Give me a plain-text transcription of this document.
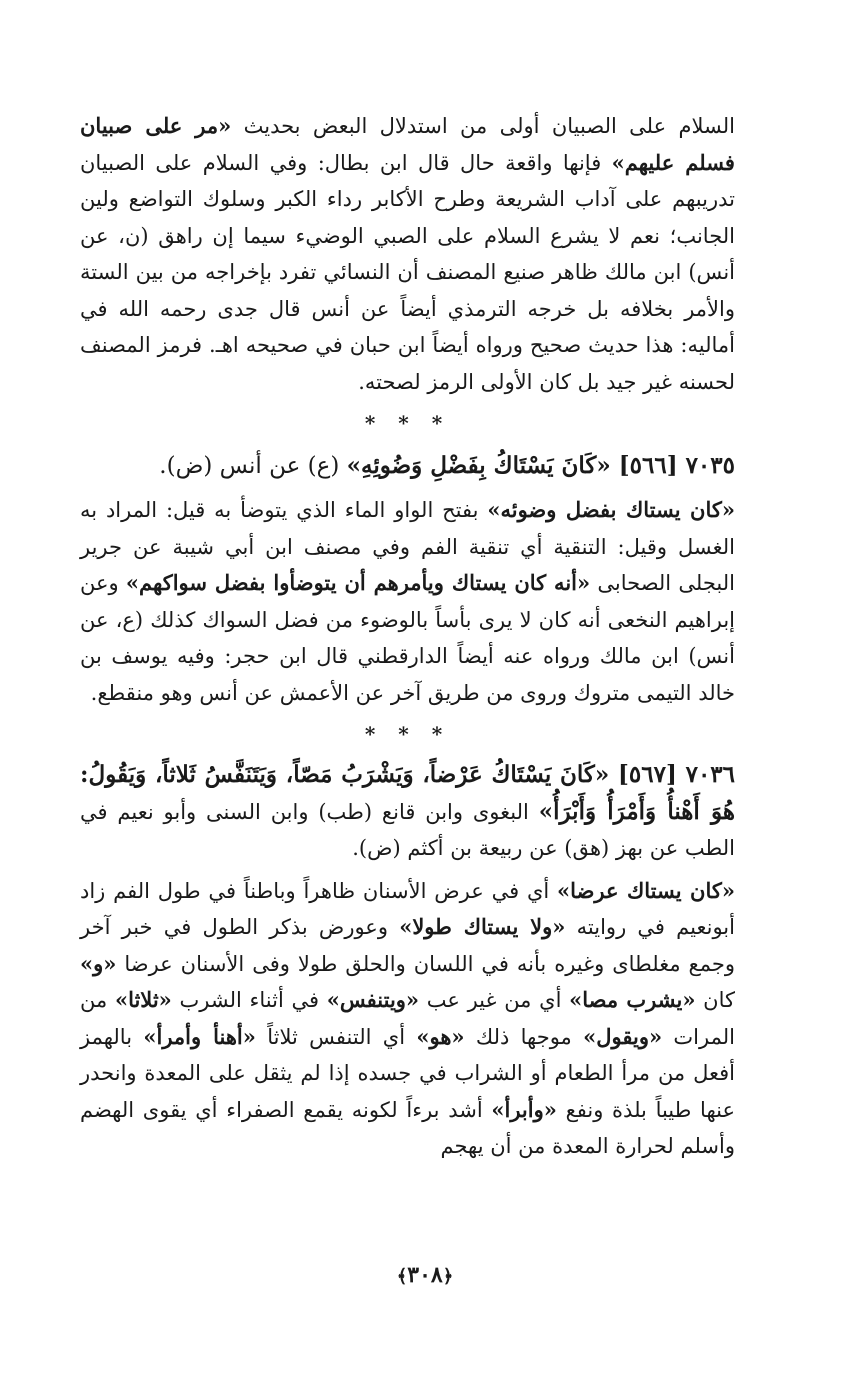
السلام على الصبيان أولى من استدلال البعض بحديث «مر على صبيان فسلم عليهم» فإنها واقعة حال قال ابن بطال: وفي السلام على الصبيان تدريبهم على آداب الشريعة وطرح الأكابر رداء الكبر وسلوك التواضع ولين الجانب؛ نعم لا يشرع السلام على الصبي الوضيء سيما إن راهق (ن، عن أنس) ابن مالك ظاهر صنيع المصنف أن النسائي تفرد بإخراجه من بين الستة والأمر بخلافه بل خرجه الترمذي أيضاً عن أنس قال جدى رحمه الله في أماليه: هذا حديث صحيح ورواه أيضاً ابن حبان في صحيحه اهـ. فرمز المصنف لحسنه غير جيد بل كان الأولى الرمز لصحته.

* * *

٧٠٣٥ [٥٦٦] «كَانَ يَسْتَاكُ بِفَضْلِ وَضُوئِهِ» (ع) عن أنس (ض).

«كان يستاك بفضل وضوئه» بفتح الواو الماء الذي يتوضأ به قيل: المراد به الغسل وقيل: التنقية أي تنقية الفم وفي مصنف ابن أبي شيبة عن جرير البجلى الصحابى «أنه كان يستاك ويأمرهم أن يتوضأوا بفضل سواكهم» وعن إبراهيم النخعى أنه كان لا يرى بأساً بالوضوء من فضل السواك كذلك (ع، عن أنس) ابن مالك ورواه عنه أيضاً الدارقطني قال ابن حجر: وفيه يوسف بن خالد التيمى متروك وروى من طريق آخر عن الأعمش عن أنس وهو منقطع.

* * *

٧٠٣٦ [٥٦٧] «كَانَ يَسْتَاكُ عَرْضاً، وَيَشْرَبُ مَصّاً، وَيَتَنَفَّسُ ثَلاثاً، وَيَقُولُ: هُوَ أَهْنأُ وَأَمْرَأُ وَأَبْرَأُ» البغوى وابن قانع (طب) وابن السنى وأبو نعيم في الطب عن بهز (هق) عن ربيعة بن أكثم (ض).

«كان يستاك عرضا» أي في عرض الأسنان ظاهراً وباطناً في طول الفم زاد أبونعيم في روايته «ولا يستاك طولا» وعورض بذكر الطول في خبر آخر وجمع مغلطاى وغيره بأنه في اللسان والحلق طولا وفى الأسنان عرضا «و» كان «يشرب مصا» أي من غير عب «ويتنفس» في أثناء الشرب «ثلاثا» من المرات «ويقول» موجها ذلك «هو» أي التنفس ثلاثاً «أهنأ وأمرأ» بالهمز أفعل من مرأ الطعام أو الشراب في جسده إذا لم يثقل على المعدة وانحدر عنها طيباً بلذة ونفع «وأبرأ» أشد برءاً لكونه يقمع الصفراء أي يقوى الهضم وأسلم لحرارة المعدة من أن يهجم

﴿٣٠٨﴾
